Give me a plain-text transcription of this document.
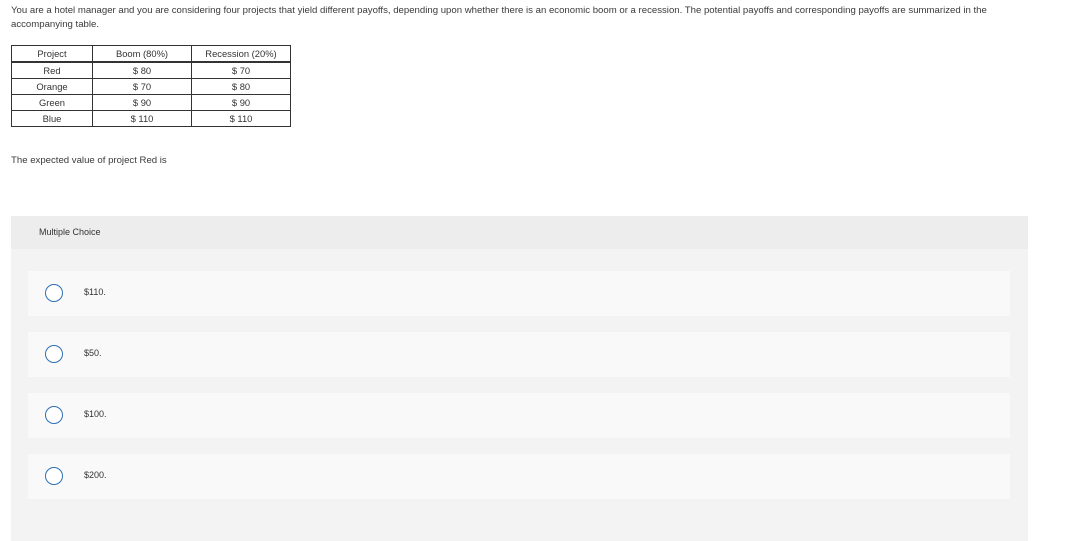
You are a hotel manager and you are considering four projects that yield different payoffs, depending upon whether there is an economic boom or a recession. The potential payoffs and corresponding payoffs are summarized in the accompanying table.

Project	Boom (80%)	Recession (20%)
Red	$ 80	$ 70
Orange	$ 70	$ 80
Green	$ 90	$ 90
Blue	$ 110	$ 110

The expected value of project Red is

Multiple Choice
$110.
$50.
$100.
$200.
